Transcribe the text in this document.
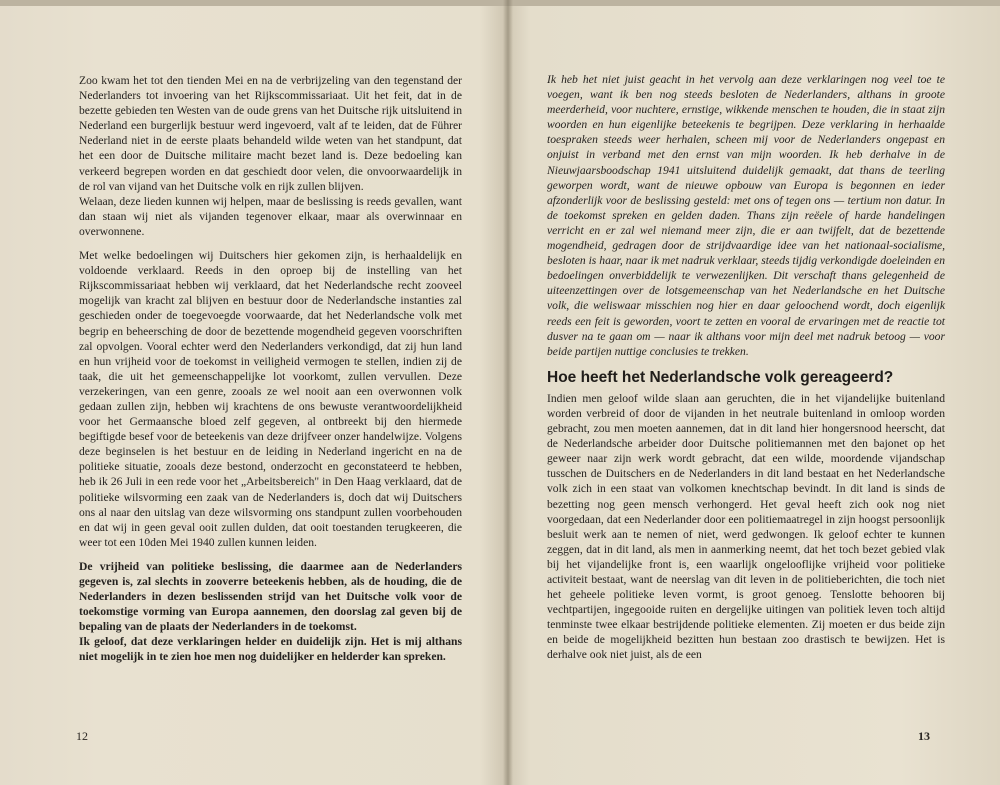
Zoo kwam het tot den tienden Mei en na de verbrijzeling van den tegenstand der Nederlanders tot invoering van het Rijkscommissariaat. Uit het feit, dat in de bezette gebieden ten Westen van de oude grens van het Duitsche rijk uitsluitend in Nederland een burgerlijk bestuur werd ingevoerd, valt af te leiden, dat de Führer Nederland niet in de eerste plaats behandeld wilde weten van het standpunt, dat het een door de Duitsche militaire macht bezet land is. Deze bedoeling kan verkeerd begrepen worden en dat geschiedt door velen, die onvoorwaardelijk in de rol van vijand van het Duitsche volk en rijk zullen blijven.

Welaan, deze lieden kunnen wij helpen, maar de beslissing is reeds gevallen, want dan staan wij niet als vijanden tegenover elkaar, maar als overwinnaar en overwonnene.

Met welke bedoelingen wij Duitschers hier gekomen zijn, is herhaaldelijk en voldoende verklaard. Reeds in den oproep bij de instelling van het Rijkscommissariaat hebben wij verklaard, dat het Nederlandsche recht zooveel mogelijk van kracht zal blijven en bestuur door de Nederlandsche instanties zal geschieden onder de toegevoegde voorwaarde, dat het Nederlandsche volk met begrip en beheersching de door de bezettende mogendheid gegeven voorschriften zal opvolgen. Vooral echter werd den Nederlanders verkondigd, dat zij hun land en hun vrijheid voor de toekomst in veiligheid vermogen te stellen, indien zij de taak, die uit het gemeenschappelijke lot voorkomt, zullen vervullen. Deze verzekeringen, van een genre, zooals ze wel nooit aan een overwonnen volk gedaan zullen zijn, hebben wij krachtens de ons bewuste verantwoordelijkheid voor het Germaansche bloed zelf gegeven, al ontbreekt bij den hiermede begiftigde besef voor de beteekenis van deze drijfveer onzer handelwijze. Volgens deze beginselen is het bestuur en de leiding in Nederland ingericht en na de politieke situatie, zooals deze bestond, onderzocht en geconstateerd te hebben, heb ik 26 Juli in een rede voor het „Arbeitsbereich" in Den Haag verklaard, dat de politieke wilsvorming een zaak van de Nederlanders is, doch dat wij Duitschers ons al naar den uitslag van deze wilsvorming ons standpunt zullen voorbehouden en dat wij in geen geval ooit zullen dulden, dat ooit toestanden terugkeeren, die weer tot een 10den Mei 1940 zullen kunnen leiden.

De vrijheid van politieke beslissing, die daarmee aan de Nederlanders gegeven is, zal slechts in zooverre beteekenis hebben, als de houding, die de Nederlanders in dezen beslissenden strijd van het Duitsche volk voor de toekomstige vorming van Europa aannemen, den doorslag zal geven bij de bepaling van de plaats der Nederlanders in de toekomst.

Ik geloof, dat deze verklaringen helder en duidelijk zijn. Het is mij althans niet mogelijk in te zien hoe men nog duidelijker en helderder kan spreken.

12

Ik heb het niet juist geacht in het vervolg aan deze verklaringen nog veel toe te voegen, want ik ben nog steeds besloten de Nederlanders, althans in groote meerderheid, voor nuchtere, ernstige, wikkende menschen te houden, die in staat zijn woorden en hun eigenlijke beteekenis te begrijpen. Deze verklaring in herhaalde toespraken steeds weer herhalen, scheen mij voor de Nederlanders ongepast en onjuist in verband met den ernst van mijn woorden. Ik heb derhalve in de Nieuwjaarsboodschap 1941 uitsluitend duidelijk gemaakt, dat thans de teerling geworpen wordt, want de nieuwe opbouw van Europa is begonnen en ieder afzonderlijk voor de beslissing gesteld: met ons of tegen ons — tertium non datur. In de toekomst spreken en gelden daden. Thans zijn reëele of harde handelingen verricht en er zal wel niemand meer zijn, die er aan twijfelt, dat de bezettende mogendheid, gedragen door de strijdvaardige idee van het nationaal-socialisme, besloten is haar, naar ik met nadruk verklaar, steeds tijdig verkondigde doeleinden en bedoelingen onverbiddelijk te verwezenlijken. Dit verschaft thans gelegenheid de uiteenzettingen over de lotsgemeenschap van het Nederlandsche en het Duitsche volk, die weliswaar misschien nog hier en daar geloochend wordt, doch eigenlijk reeds een feit is geworden, voort te zetten en vooral de ervaringen met de reactie tot dusver na te gaan om — naar ik althans voor mijn deel met nadruk betoog — voor beide partijen nuttige conclusies te trekken.

Hoe heeft het Nederlandsche volk gereageerd?

Indien men geloof wilde slaan aan geruchten, die in het vijandelijke buitenland worden verbreid of door de vijanden in het neutrale buitenland in omloop worden gebracht, zou men moeten aannemen, dat in dit land hier hongersnood heerscht, dat de Nederlandsche arbeider door Duitsche politiemannen met den bajonet op het geweer naar zijn werk wordt gebracht, dat een wilde, moordende vijandschap tusschen de Duitschers en de Nederlanders in dit land bestaat en het Nederlandsche volk zich in een staat van volkomen knechtschap bevindt. In dit land is sinds de bezetting nog geen mensch verhongerd. Het geval heeft zich ook nog niet voorgedaan, dat een Nederlander door een politiemaatregel in zijn hoogst persoonlijk besluit werk aan te nemen of niet, werd gedwongen. Ik geloof echter te kunnen zeggen, dat in dit land, als men in aanmerking neemt, dat het toch bezet gebied vlak bij het vijandelijke front is, een waarlijk ongelooflijke vrijheid voor politieke activiteit bestaat, want de neerslag van dit leven in de politieberichten, die toch niet het geheele politieke leven vormt, is groot genoeg. Tenslotte behooren bij vechtpartijen, ingegooide ruiten en dergelijke uitingen van politiek leven toch altijd tenminste twee elkaar bestrijdende politieke elementen. Zij moeten er dus beide zijn en beide de mogelijkheid bezitten hun bestaan zoo drastisch te bewijzen. Het is derhalve ook niet juist, als de een

13
